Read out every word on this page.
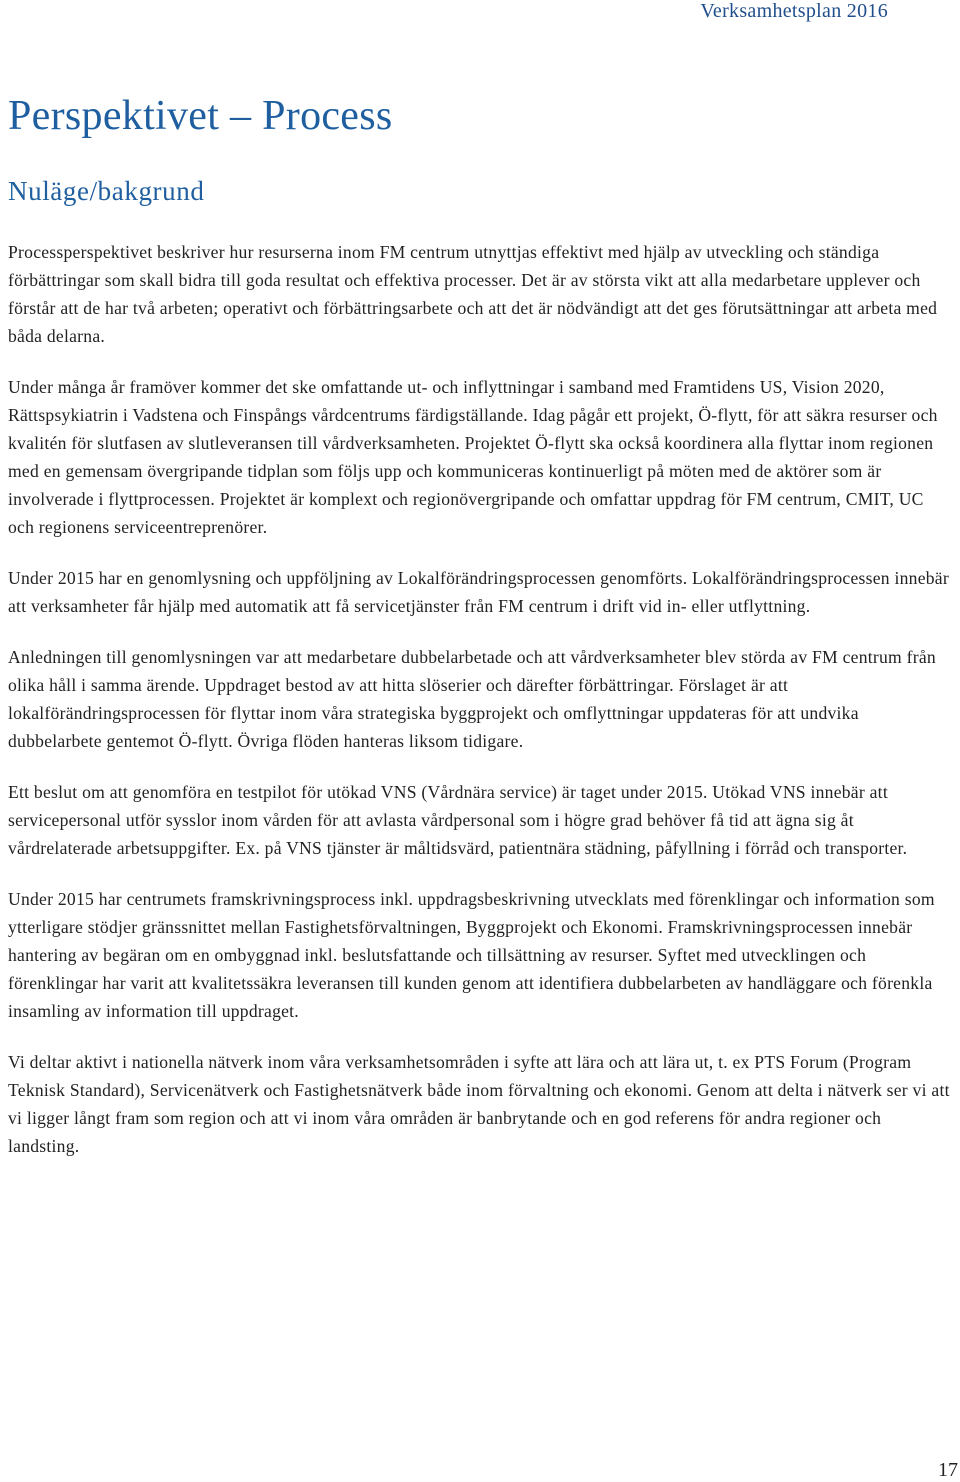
Verksamhetsplan 2016
Perspektivet – Process
Nuläge/bakgrund

Processperspektivet beskriver hur resurserna inom FM centrum utnyttjas effektivt med hjälp av utveckling och ständiga förbättringar som skall bidra till goda resultat och effektiva processer. Det är av största vikt att alla medarbetare upplever och förstår att de har två arbeten; operativt och förbättringsarbete och att det är nödvändigt att det ges förutsättningar att arbeta med båda delarna.

Under många år framöver kommer det ske omfattande ut- och inflyttningar i samband med Framtidens US, Vision 2020, Rättspsykiatrin i Vadstena och Finspångs vårdcentrums färdigställande. Idag pågår ett projekt, Ö-flytt, för att säkra resurser och kvalitén för slutfasen av slutleveransen till vårdverksamheten. Projektet Ö-flytt ska också koordinera alla flyttar inom regionen med en gemensam övergripande tidplan som följs upp och kommuniceras kontinuerligt på möten med de aktörer som är involverade i flyttprocessen. Projektet är komplext och regionövergripande och omfattar uppdrag för FM centrum, CMIT, UC och regionens serviceentreprenörer.

Under 2015 har en genomlysning och uppföljning av Lokalförändringsprocessen genomförts. Lokalförändringsprocessen innebär att verksamheter får hjälp med automatik att få servicetjänster från FM centrum i drift vid in- eller utflyttning.

Anledningen till genomlysningen var att medarbetare dubbelarbetade och att vårdverksamheter blev störda av FM centrum från olika håll i samma ärende. Uppdraget bestod av att hitta slöserier och därefter förbättringar. Förslaget är att lokalförändringsprocessen för flyttar inom våra strategiska byggprojekt och omflyttningar uppdateras för att undvika dubbelarbete gentemot Ö-flytt. Övriga flöden hanteras liksom tidigare.

Ett beslut om att genomföra en testpilot för utökad VNS (Vårdnära service) är taget under 2015. Utökad VNS innebär att servicepersonal utför sysslor inom vården för att avlasta vårdpersonal som i högre grad behöver få tid att ägna sig åt vårdrelaterade arbetsuppgifter. Ex. på VNS tjänster är måltidsvärd, patientnära städning, påfyllning i förråd och transporter.

Under 2015 har centrumets framskrivningsprocess inkl. uppdragsbeskrivning utvecklats med förenklingar och information som ytterligare stödjer gränssnittet mellan Fastighetsförvaltningen, Byggprojekt och Ekonomi. Framskrivningsprocessen innebär hantering av begäran om en ombyggnad inkl. beslutsfattande och tillsättning av resurser. Syftet med utvecklingen och förenklingar har varit att kvalitetssäkra leveransen till kunden genom att identifiera dubbelarbeten av handläggare och förenkla insamling av information till uppdraget.

Vi deltar aktivt i nationella nätverk inom våra verksamhetsområden i syfte att lära och att lära ut, t. ex PTS Forum (Program Teknisk Standard), Servicenätverk och Fastighetsnätverk både inom förvaltning och ekonomi. Genom att delta i nätverk ser vi att vi ligger långt fram som region och att vi inom våra områden är banbrytande och en god referens för andra regioner och landsting.

17
